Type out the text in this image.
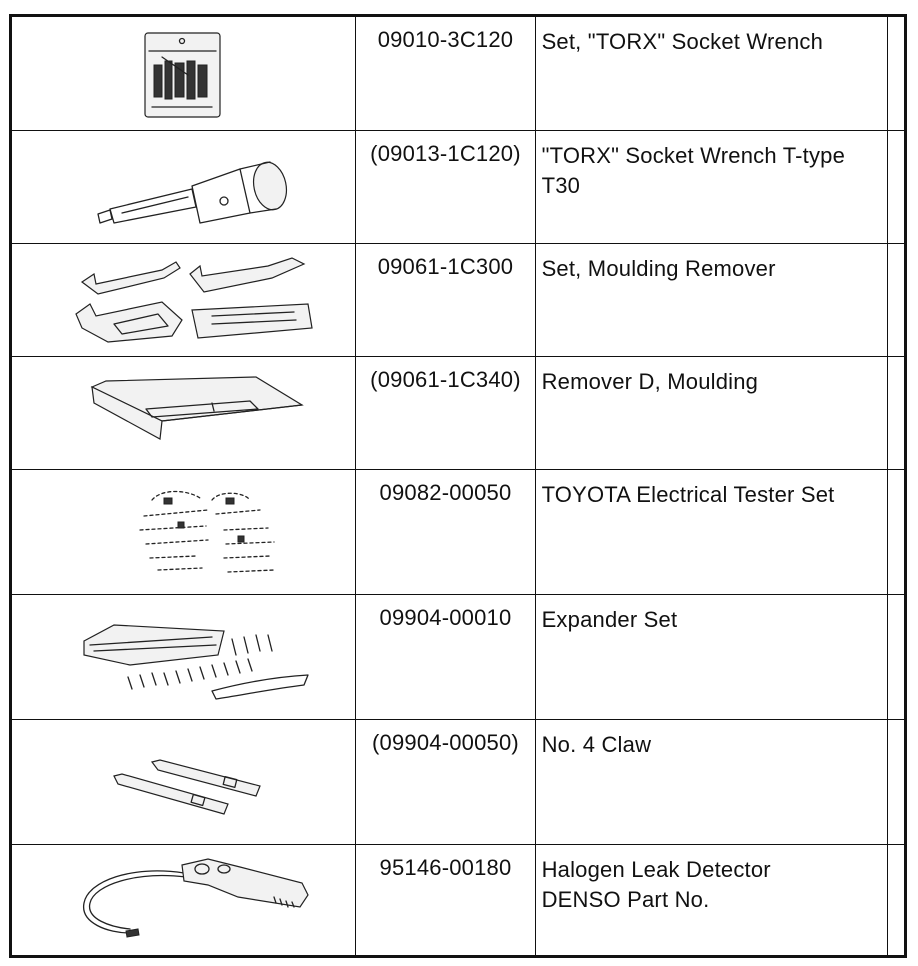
09010-3C120	Set, "TORX" Socket Wrench	

(09013-1C120)	"TORX" Socket Wrench T-type
T30	

09061-1C300	Set, Moulding Remover	

(09061-1C340)	Remover D, Moulding	

09082-00050	TOYOTA Electrical Tester Set	

09904-00010	Expander Set	

(09904-00050)	No. 4 Claw	

95146-00180	Halogen Leak Detector
DENSO Part No.	
